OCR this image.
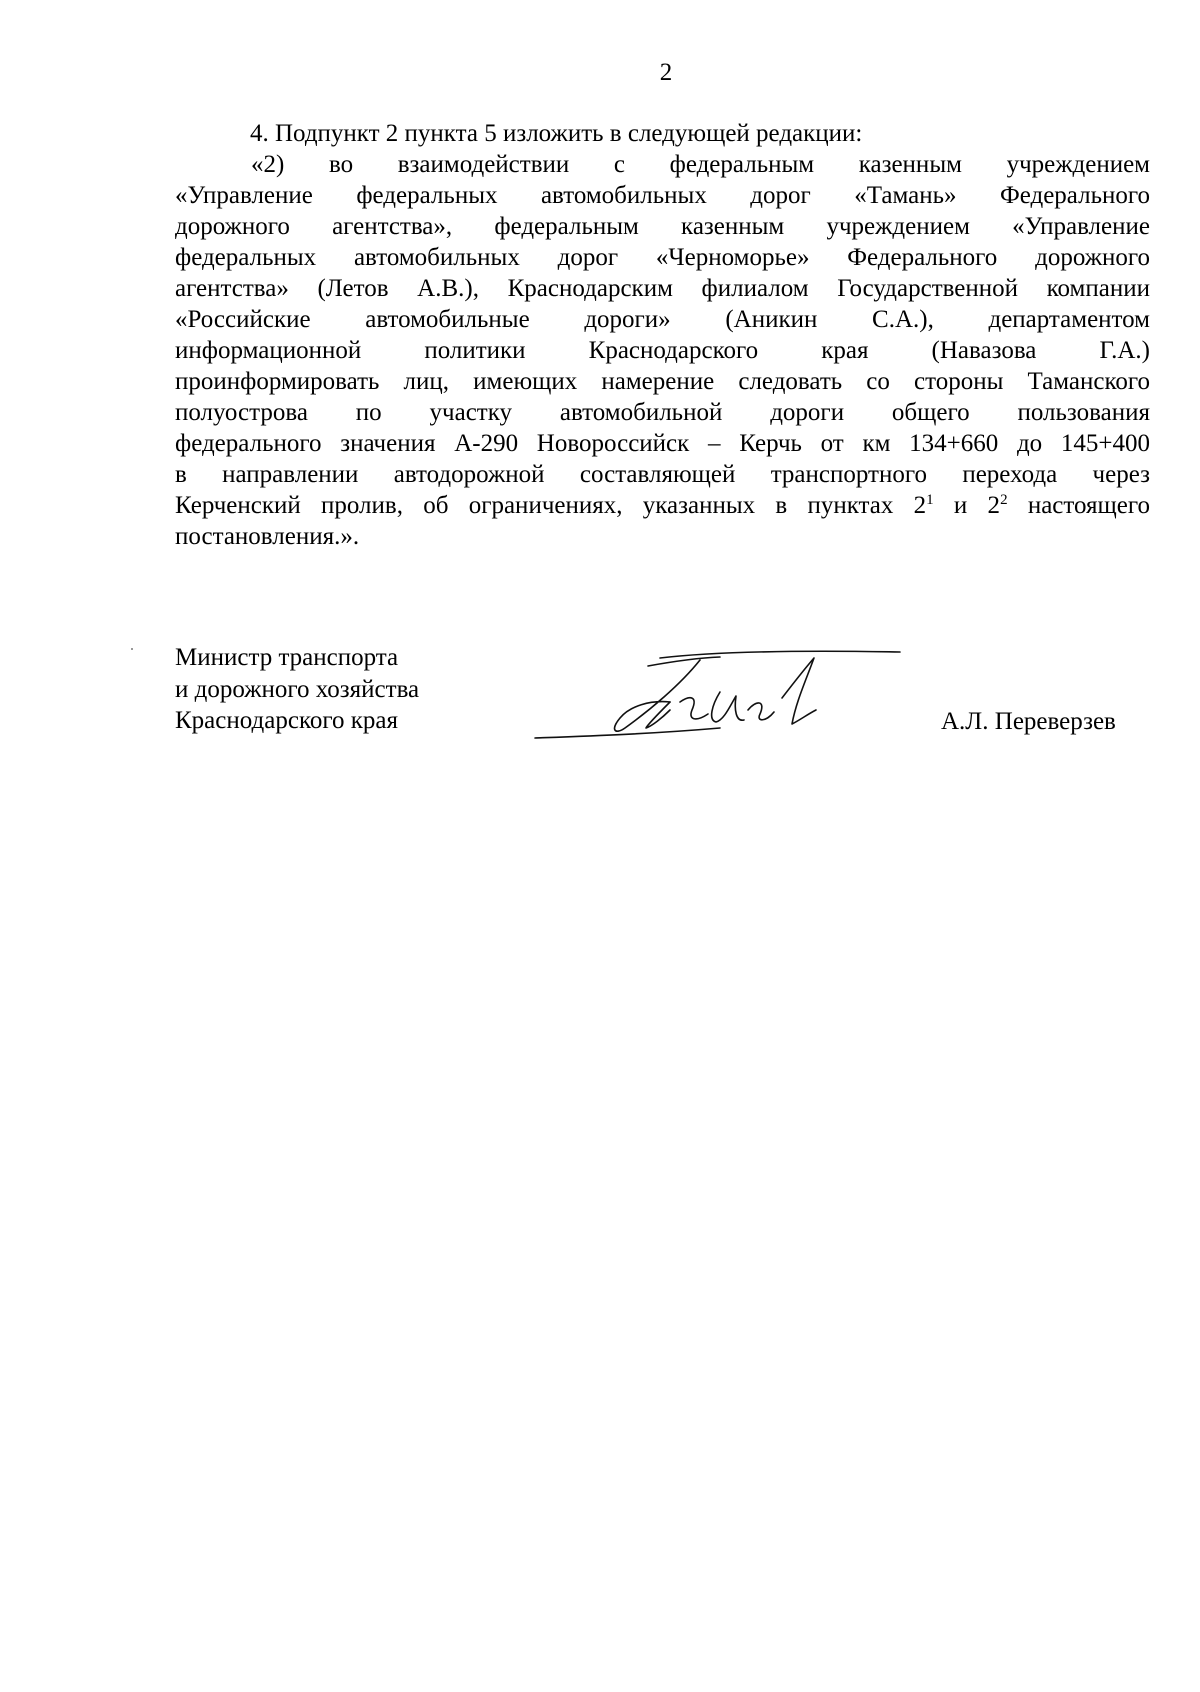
2
4. Подпункт 2 пункта 5 изложить в следующей редакции:
«2) во взаимодействии с федеральным казенным учреждением
«Управление федеральных автомобильных дорог «Тамань» Федерального
дорожного агентства», федеральным казенным учреждением «Управление
федеральных автомобильных дорог «Черноморье» Федерального дорожного
агентства» (Летов А.В.), Краснодарским филиалом Государственной компании
«Российские автомобильные дороги» (Аникин С.А.), департаментом
информационной политики Краснодарского края (Навазова Г.А.)
проинформировать лиц, имеющих намерение следовать со стороны Таманского
полуострова по участку автомобильной дороги общего пользования
федерального значения А-290 Новороссийск – Керчь от км 134+660 до 145+400
в направлении автодорожной составляющей транспортного перехода через
Керченский пролив, об ограничениях, указанных в пунктах $2^1$ и $2^2$ настоящего
постановления.».
Министр транспорта
и дорожного хозяйства
Краснодарского края	А.Л. Переверзев
